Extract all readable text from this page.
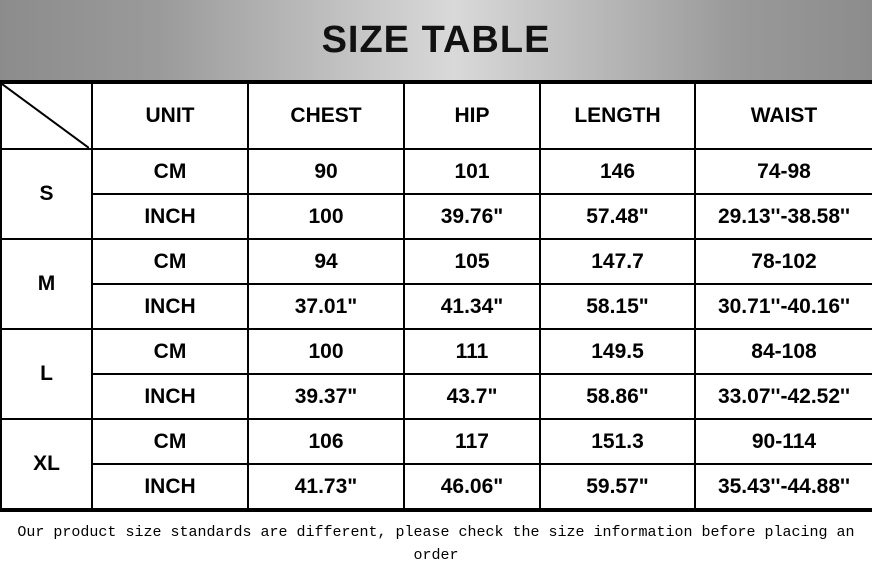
SIZE TABLE
	UNIT	CHEST	HIP	LENGTH	WAIST
S	CM	90	101	146	74-98
	INCH	100	39.76"	57.48"	29.13''-38.58''
M	CM	94	105	147.7	78-102
	INCH	37.01"	41.34"	58.15"	30.71''-40.16''
L	CM	100	111	149.5	84-108
	INCH	39.37"	43.7"	58.86"	33.07''-42.52''
XL	CM	106	117	151.3	90-114
	INCH	41.73"	46.06"	59.57"	35.43''-44.88''
Our product size standards are different, please check the size information before placing an order
